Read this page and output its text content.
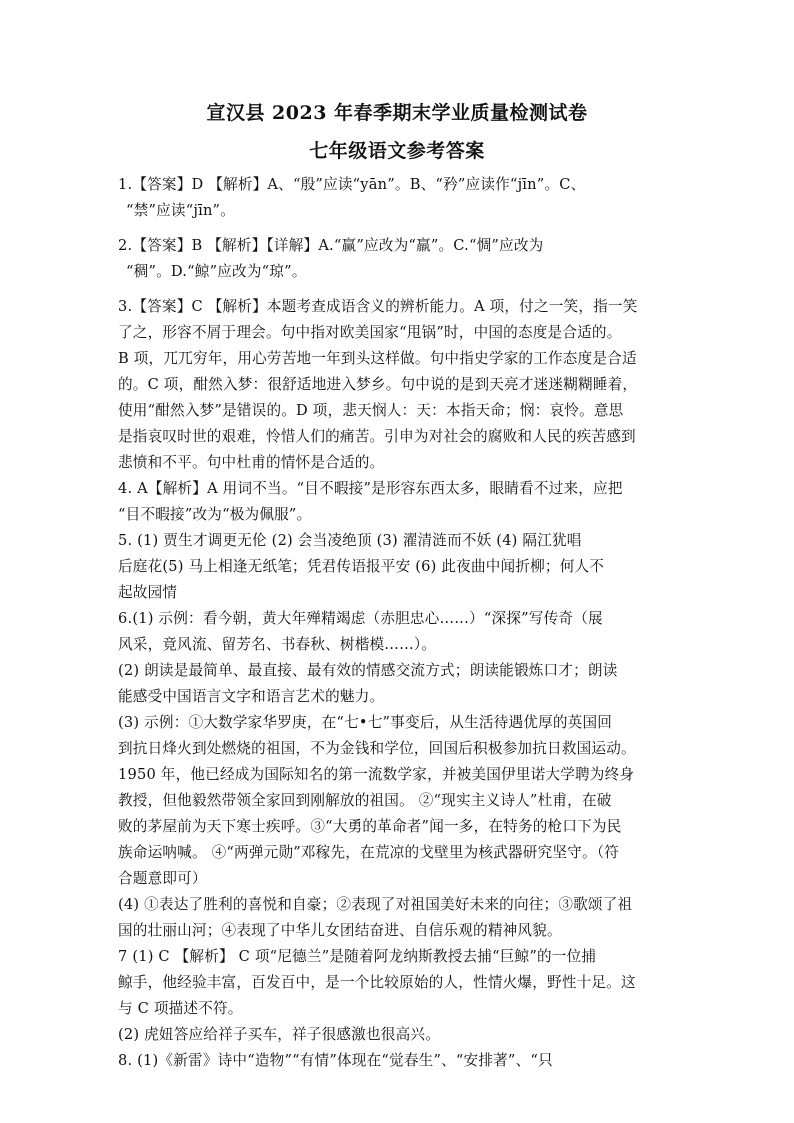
宣汉县 2023 年春季期末学业质量检测试卷
七年级语文参考答案

1.【答案】D 【解析】A、“殷”应读“yān”。B、“矜”应读作“jīn”。C、

“禁”应读“jīn”。

2.【答案】B 【解析】【详解】A.“赢”应改为“羸”。C.“惆”应改为

“稠”。D.“鲸”应改为“琼”。

3.【答案】C 【解析】本题考查成语含义的辨析能力。A 项，付之一笑，指一笑

了之，形容不屑于理会。句中指对欧美国家“甩锅”时，中国的态度是合适的。

B 项，兀兀穷年，用心劳苦地一年到头这样做。句中指史学家的工作态度是合适

的。C 项，酣然入梦：很舒适地进入梦乡。句中说的是到天亮才迷迷糊糊睡着，

使用“酣然入梦”是错误的。D 项，悲天悯人：天：本指天命；悯：哀怜。意思

是指哀叹时世的艰难，怜惜人们的痛苦。引申为对社会的腐败和人民的疾苦感到

悲愤和不平。句中杜甫的情怀是合适的。

4. A【解析】A 用词不当。“目不暇接”是形容东西太多，眼睛看不过来，应把

“目不暇接”改为“极为佩服”。

5. (1) 贾生才调更无伦 (2) 会当凌绝顶 (3) 濯清涟而不妖 (4) 隔江犹唱

后庭花(5) 马上相逢无纸笔；凭君传语报平安 (6) 此夜曲中闻折柳；何人不

起故园情

6.(1) 示例：看今朝，黄大年殚精竭虑（赤胆忠心……）“深探”写传奇（展

风采，竟风流、留芳名、书春秋、树楷模……）。

(2) 朗读是最简单、最直接、最有效的情感交流方式；朗读能锻炼口才；朗读

能感受中国语言文字和语言艺术的魅力。

(3) 示例：①大数学家华罗庚，在“七•七”事变后，从生活待遇优厚的英国回

到抗日烽火到处燃烧的祖国，不为金钱和学位，回国后积极参加抗日救国运动。

1950 年，他已经成为国际知名的第一流数学家，并被美国伊里诺大学聘为终身

教授，但他毅然带领全家回到刚解放的祖国。 ②“现实主义诗人”杜甫，在破

败的茅屋前为天下寒士疾呼。③“大勇的革命者”闻一多，在特务的枪口下为民

族命运呐喊。 ④“两弹元勋”邓稼先，在荒凉的戈壁里为核武器研究坚守。（符

合题意即可）

(4) ①表达了胜利的喜悦和自豪；②表现了对祖国美好未来的向往；③歌颂了祖

国的壮丽山河；④表现了中华儿女团结奋进、自信乐观的精神风貌。

7 (1) C 【解析】 C 项“尼德兰”是随着阿龙纳斯教授去捕“巨鲸”的一位捕

鲸手，他经验丰富，百发百中，是一个比较原始的人，性情火爆，野性十足。这

与 C 项描述不符。

(2) 虎妞答应给祥子买车，祥子很感激也很高兴。

8. (1)《新雷》诗中“造物”“有情”体现在“觉春生”、“安排著”、“只
